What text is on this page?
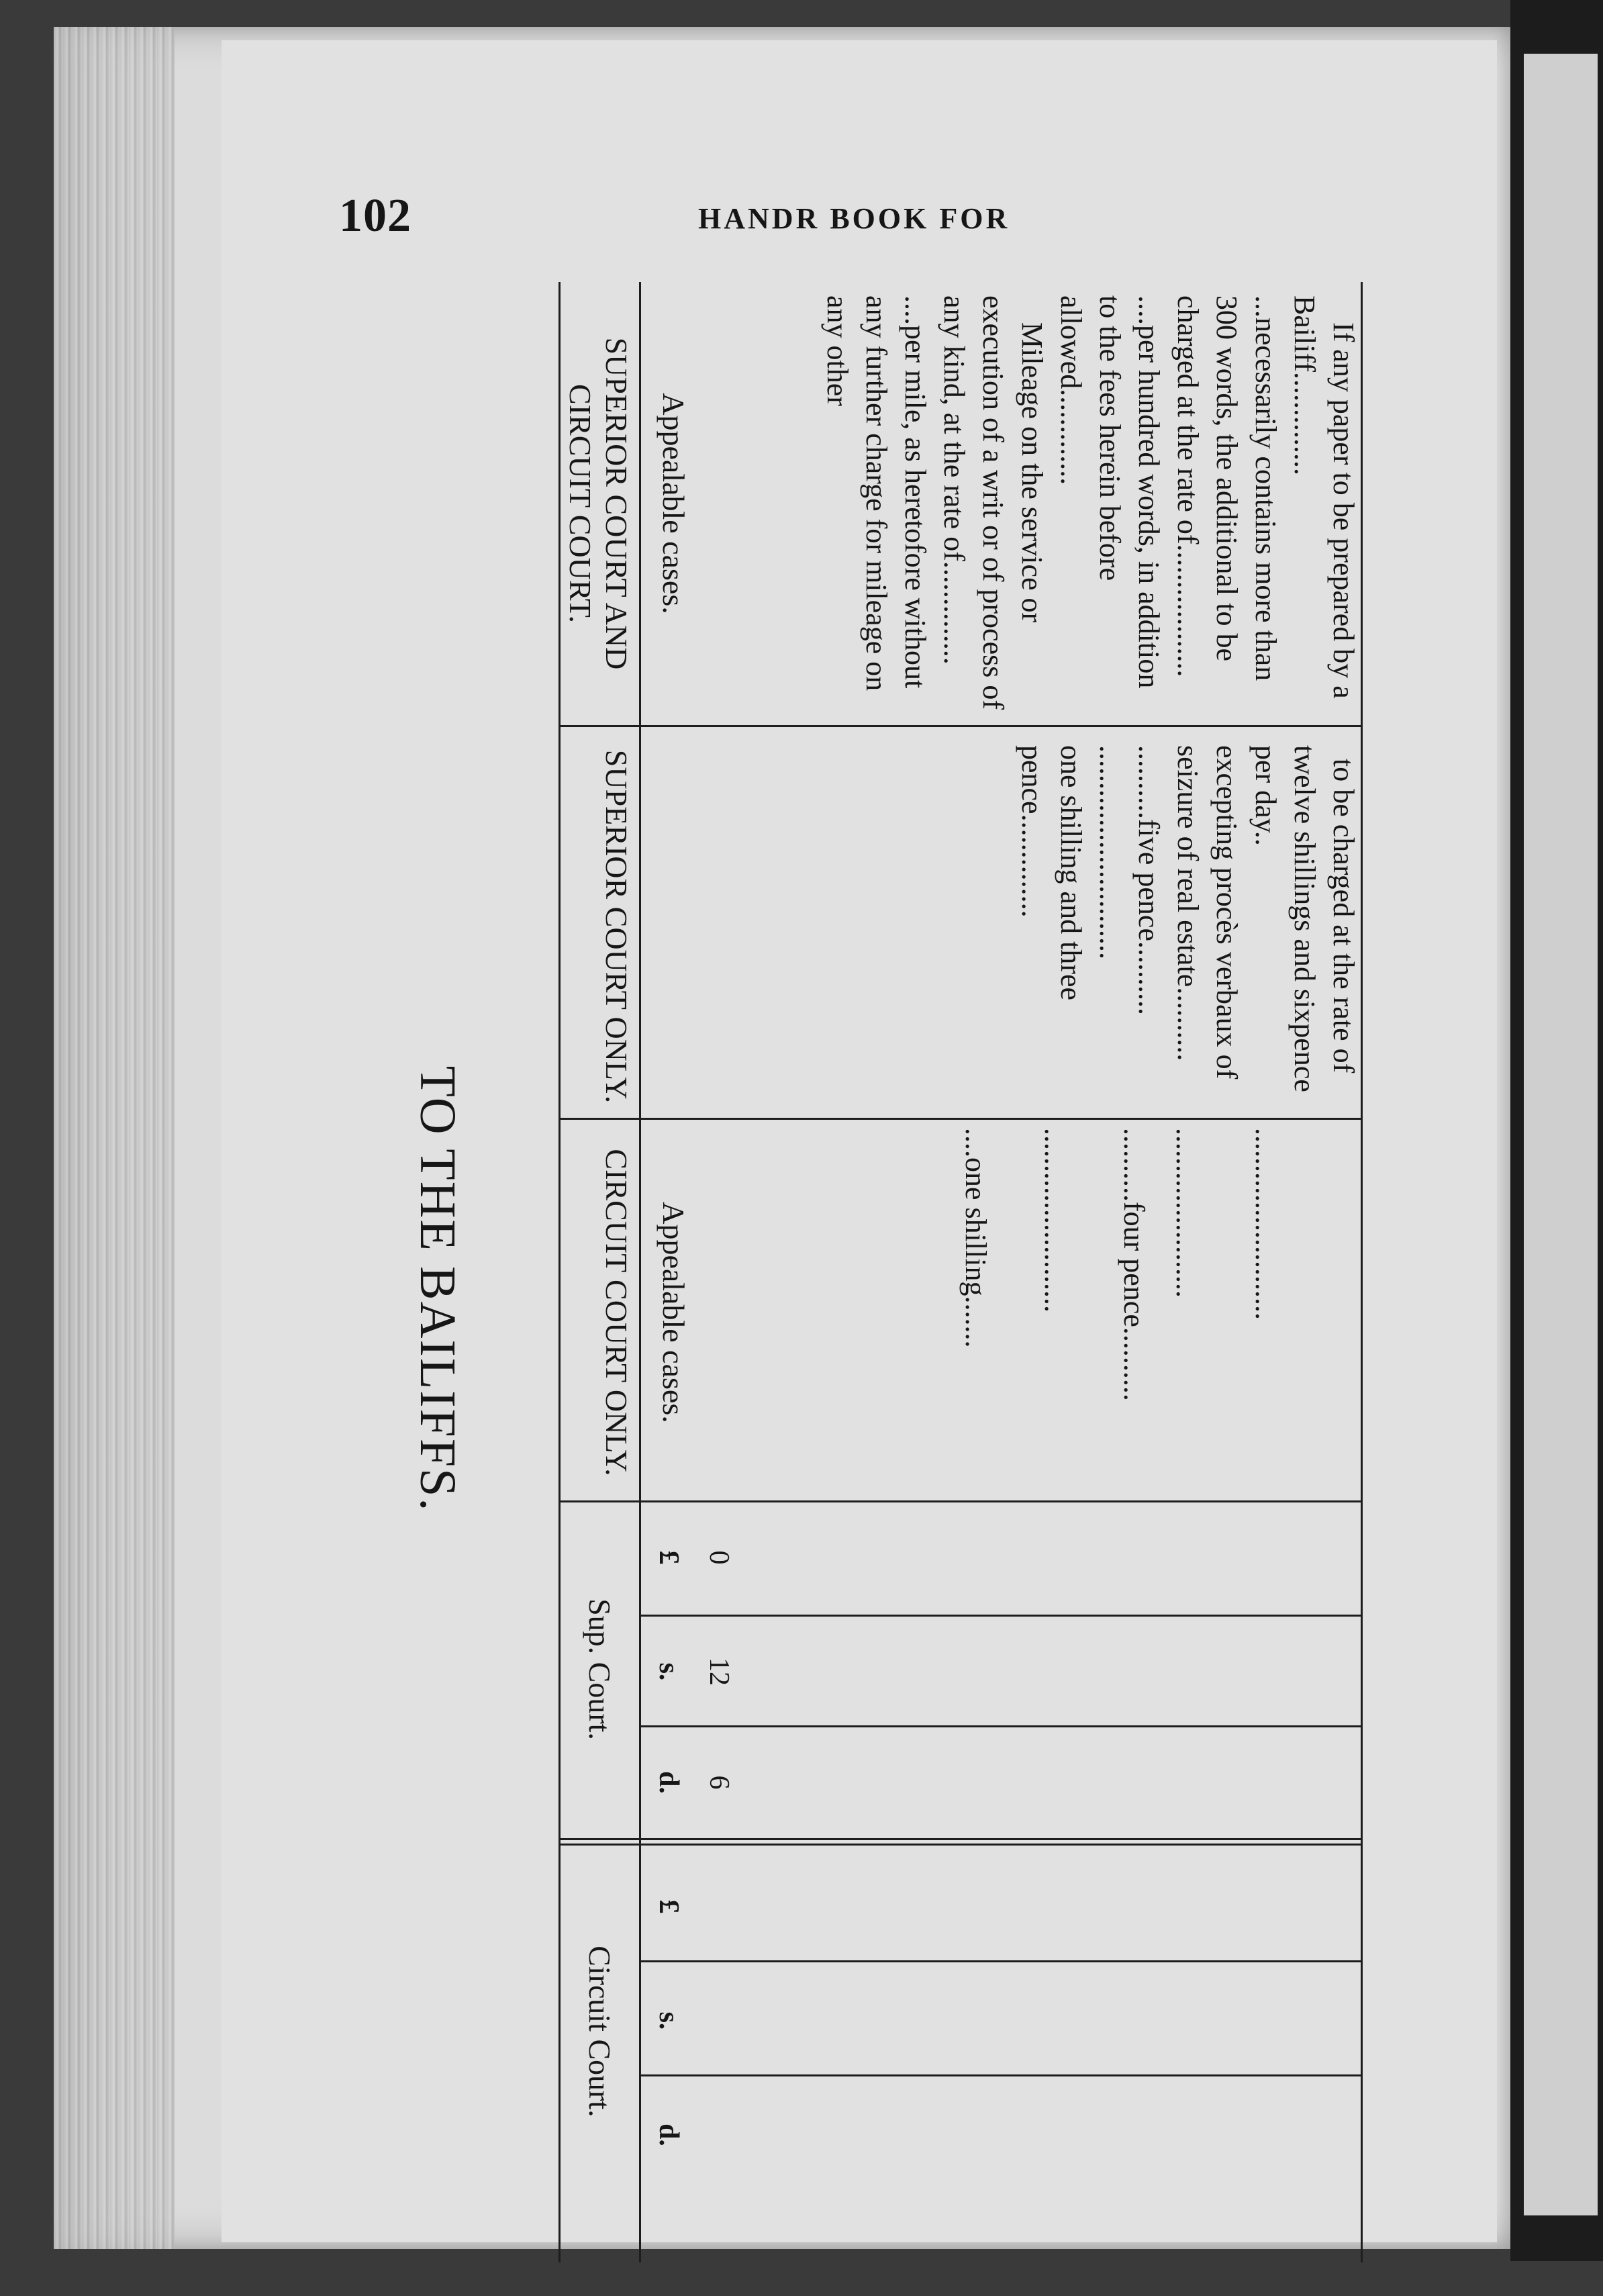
102	HANDR BOOK FOR
TO THE BAILIFFS.
SUPERIOR COURT AND CIRCUIT COURT.
SUPERIOR COURT ONLY.
CIRCUIT COURT ONLY.
Sup. Court.
Circuit Court.
Appealable cases.
Appealable cases.
£
s.
d.
£
s.
d.
0
12
6
If any paper to be prepared by a Bailiff..............
...necessarily contains more than 300 words, the additional to be charged at the rate of..................
....per hundred words, in addition to the fees herein before allowed.............
Mileage on the service or execution of a writ or of process of any kind, at the rate of..............
....per mile, as heretofore without any further charge for mileage on any other
to be charged at the rate of twelve shillings and sixpence per day..
excepting procès verbaux of seizure of real estate..........
..........five pence..........
.............................
one shilling and three pence..............
..........................
.......................
..........four pence..........
.........................
....one shilling.......
